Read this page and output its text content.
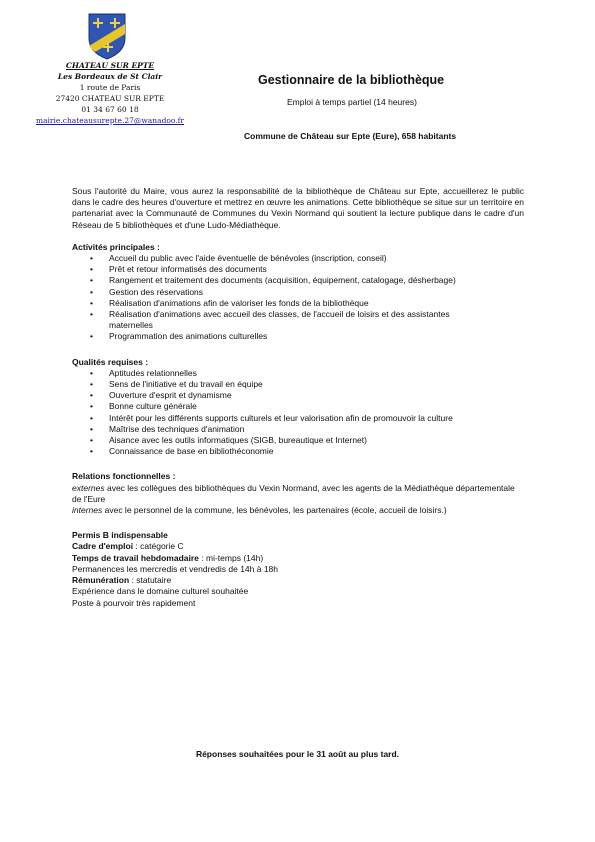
CHATEAU SUR EPTE
Les Bordeaux de St Clair
1 route de Paris
27420 CHATEAU SUR EPTE
01 34 67 60 18
mairie.chateausurepte.27@wanadoo.fr
Gestionnaire de la bibliothèque
Emploi à temps partiel (14 heures)
Commune de Château sur Epte (Eure), 658 habitants

Sous l'autorité du Maire, vous aurez la responsabilité de la bibliothèque de Château sur Epte, accueillerez le public dans le cadre des heures d'ouverture et mettrez en œuvre les animations. Cette bibliothèque se situe sur un territoire en partenariat avec la Communauté de Communes du Vexin Normand qui soutient la lecture publique dans le cadre d'un Réseau de 5 bibliothèques et d'une Ludo-Médiathèque.

Activités principales :

• Accueil du public avec l'aide éventuelle de bénévoles (inscription, conseil)
• Prêt et retour informatisés des documents
• Rangement et traitement des documents (acquisition, équipement, catalogage, désherbage)
• Gestion des réservations
• Réalisation d'animations afin de valoriser les fonds de la bibliothèque
• Réalisation d'animations avec accueil des classes, de l'accueil de loisirs et des assistantes maternelles
• Programmation des animations culturelles

Qualités requises :

• Aptitudes relationnelles
• Sens de l'initiative et du travail en équipe
• Ouverture d'esprit et dynamisme
• Bonne culture générale
• Intérêt pour les différents supports culturels et leur valorisation afin de promouvoir la culture
• Maîtrise des techniques d'animation
• Aisance avec les outils informatiques (SIGB, bureautique et Internet)
• Connaissance de base en bibliothéconomie

Relations fonctionnelles :

externes avec les collègues des bibliothèques du Vexin Normand, avec les agents de la Médiathèque départementale de l'Eure

internes avec le personnel de la commune, les bénévoles, les partenaires (école, accueil de loisirs.)

Permis B indispensable

Cadre d'emploi : catégorie C

Temps de travail hebdomadaire : mi-temps (14h)

Permanences les mercredis et vendredis de 14h à 18h

Rémunération : statutaire

Expérience dans le domaine culturel souhaitée

Poste à pourvoir très rapidement

Réponses souhaitées pour le 31 août au plus tard.
